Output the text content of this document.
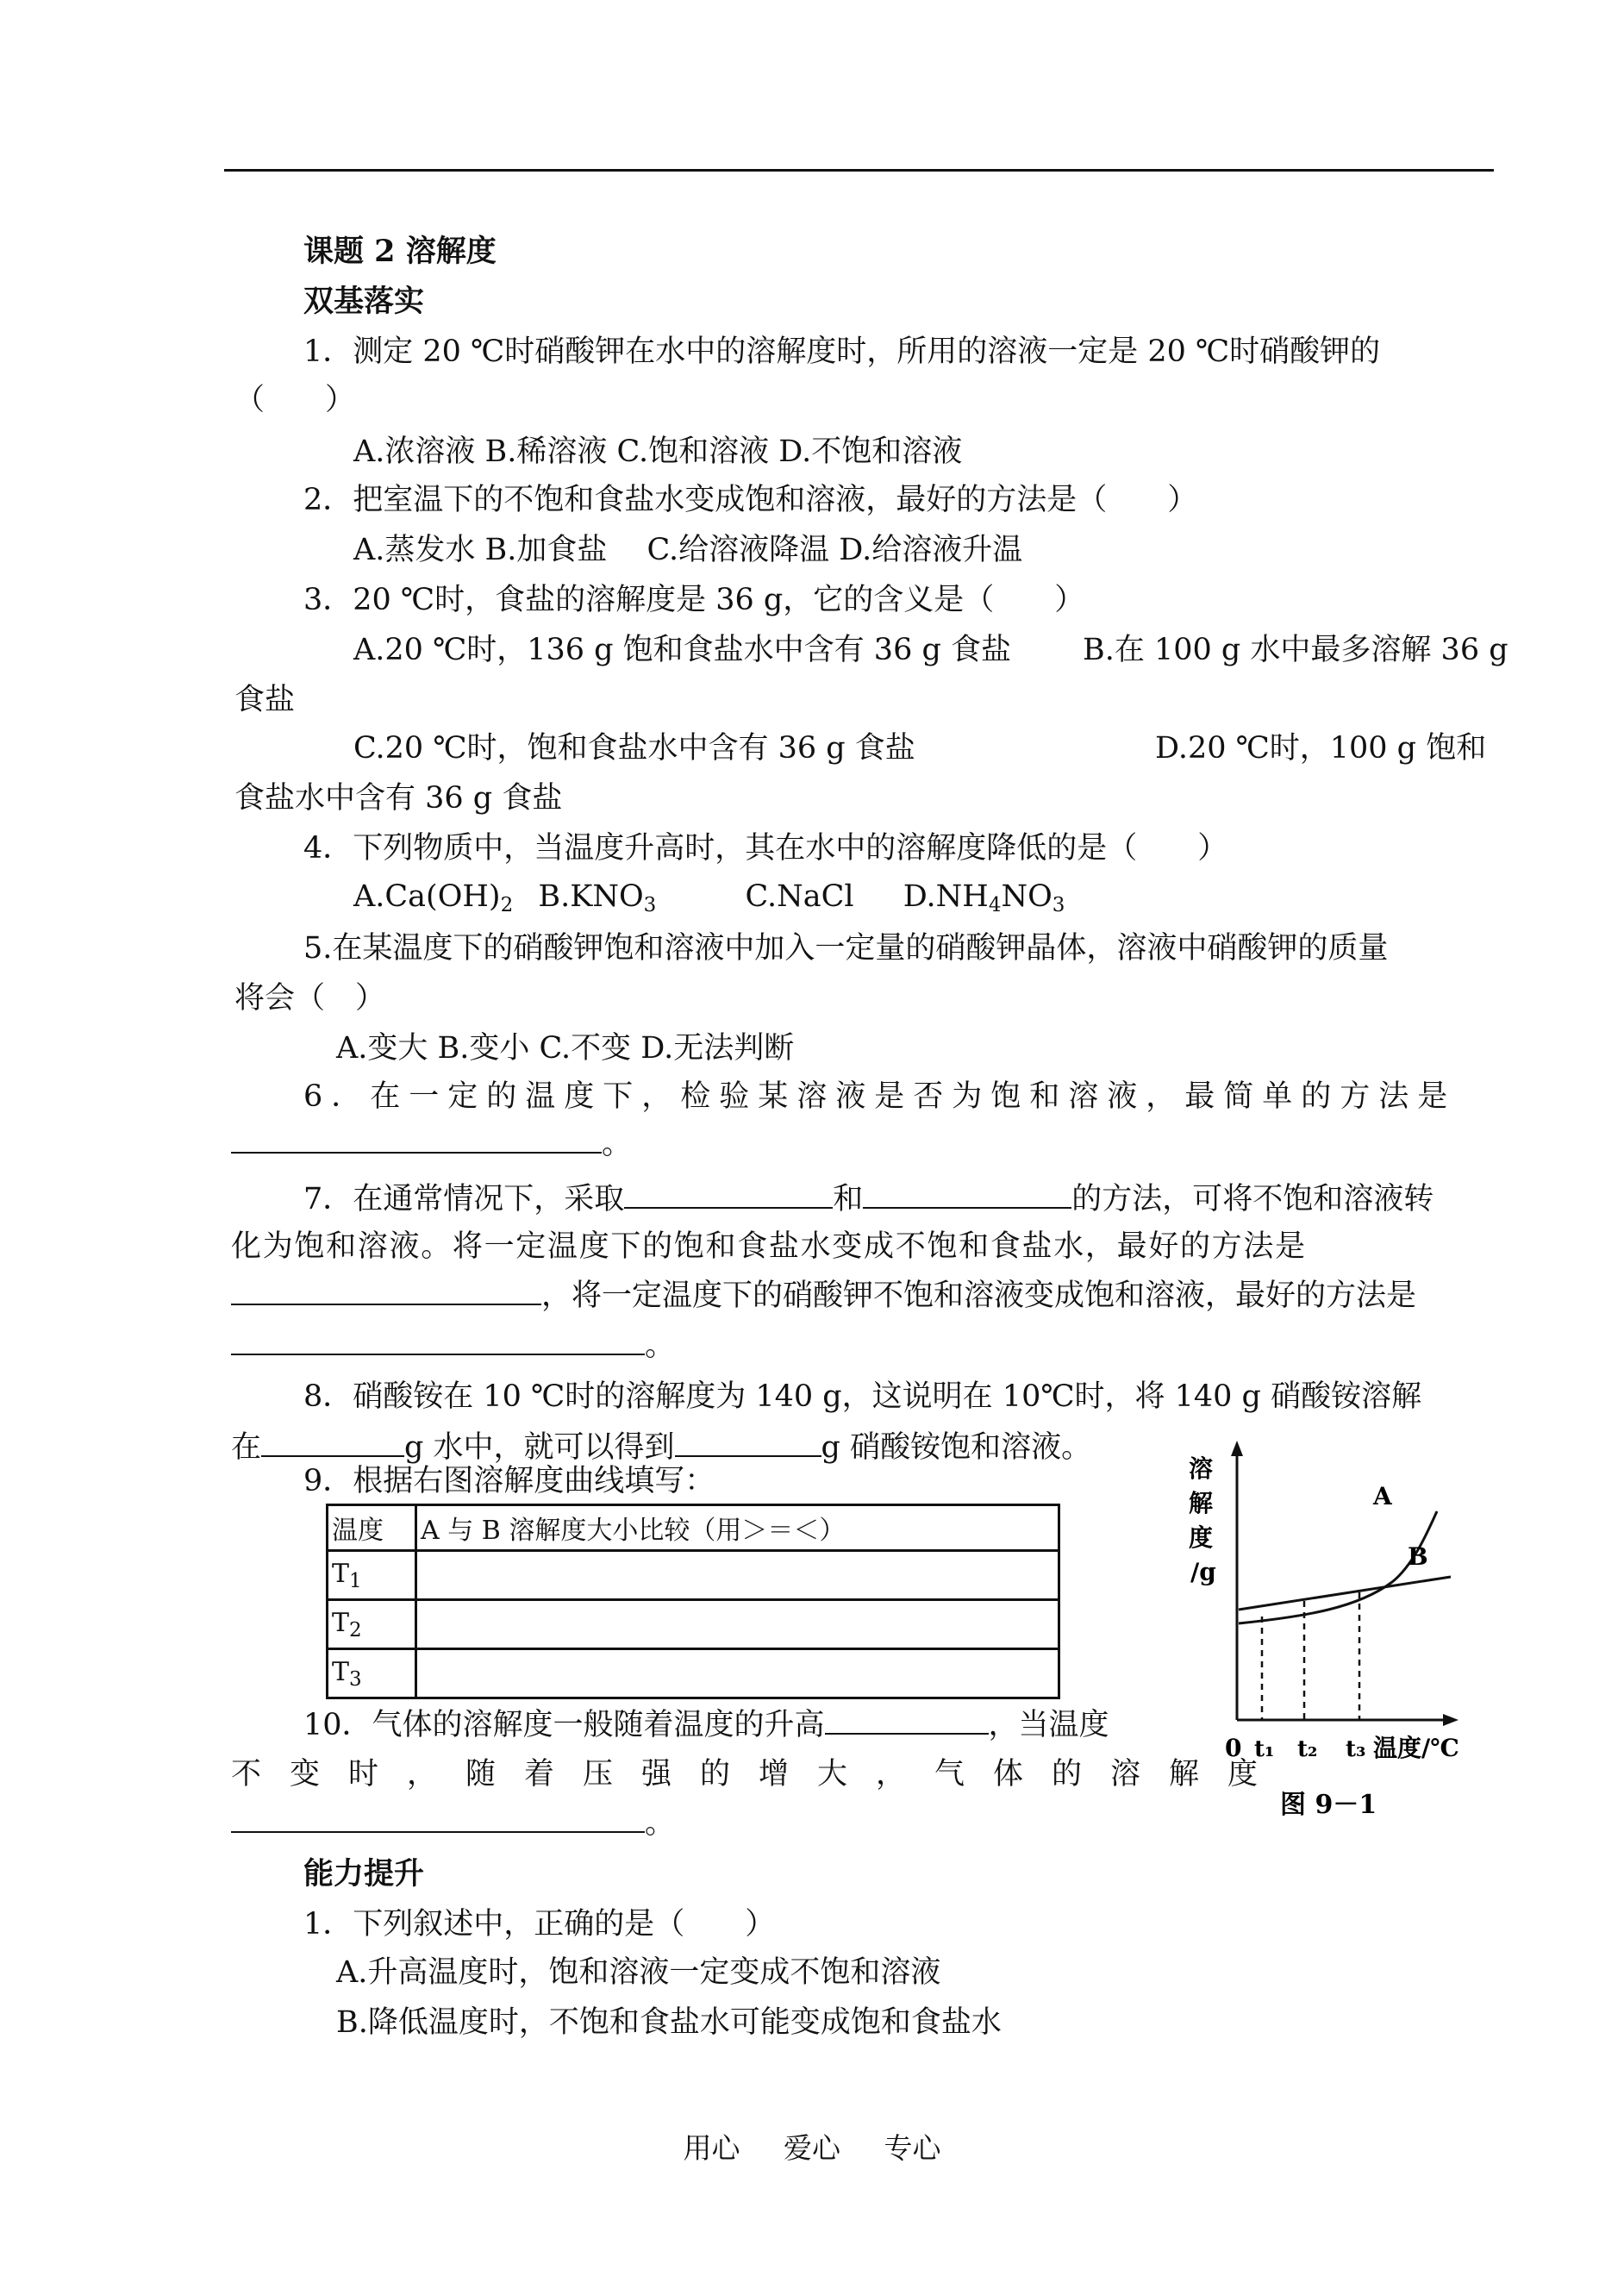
课题 2 溶解度
双基落实
1．测定 20 ℃时硝酸钾在水中的溶解度时，所用的溶液一定是 20 ℃时硝酸钾的
（　　）
A.浓溶液 B.稀溶液 C.饱和溶液 D.不饱和溶液
2．把室温下的不饱和食盐水变成饱和溶液，最好的方法是（　　）
A.蒸发水 B.加食盐　 C.给溶液降温 D.给溶液升温
3．20 ℃时，食盐的溶解度是 36 g，它的含义是（　　）
A.20 ℃时，136 g 饱和食盐水中含有 36 g 食盐 B.在 100 g 水中最多溶解 36 g
食盐
C.20 ℃时，饱和食盐水中含有 36 g 食盐	D.20 ℃时，100 g 饱和
食盐水中含有 36 g 食盐
4．下列物质中，当温度升高时，其在水中的溶解度降低的是（　　）
$A.Ca(OH)_2$ $B.KNO_3$	C.NaCl $D.NH_4NO_3$
5.在某温度下的硝酸钾饱和溶液中加入一定量的硝酸钾晶体，溶液中硝酸钾的质量
将会（　）
A.变大 B.变小 C.不变 D.无法判断
6．在一定的温度下，检验某溶液是否为饱和溶液，最简单的方法是
。
7．在通常情况下，采取	和	的方法，可将不饱和溶液转
化为饱和溶液。将一定温度下的饱和食盐水变成不饱和食盐水，最好的方法是
，将一定温度下的硝酸钾不饱和溶液变成饱和溶液，最好的方法是
。
8．硝酸铵在 10 ℃时的溶解度为 140 g，这说明在 10℃时，将 140 g 硝酸铵溶解
在	g 水中，就可以得到	g 硝酸铵饱和溶液。
9．根据右图溶解度曲线填写：
温度	A 与 B 溶解度大小比较（用＞＝＜）
$T_1$	
$T_2$	
$T_3$	
溶
解
度
/g
A
B
0 t₁ t₂ t₃ 温度/℃
图 9－1
10．气体的溶解度一般随着温度的升高	，当温度
不变时，随着压强的增大，气体的溶解度
。
能力提升
1．下列叙述中，正确的是（　　）
A.升高温度时，饱和溶液一定变成不饱和溶液
B.降低温度时，不饱和食盐水可能变成饱和食盐水
用心 爱心 专心
